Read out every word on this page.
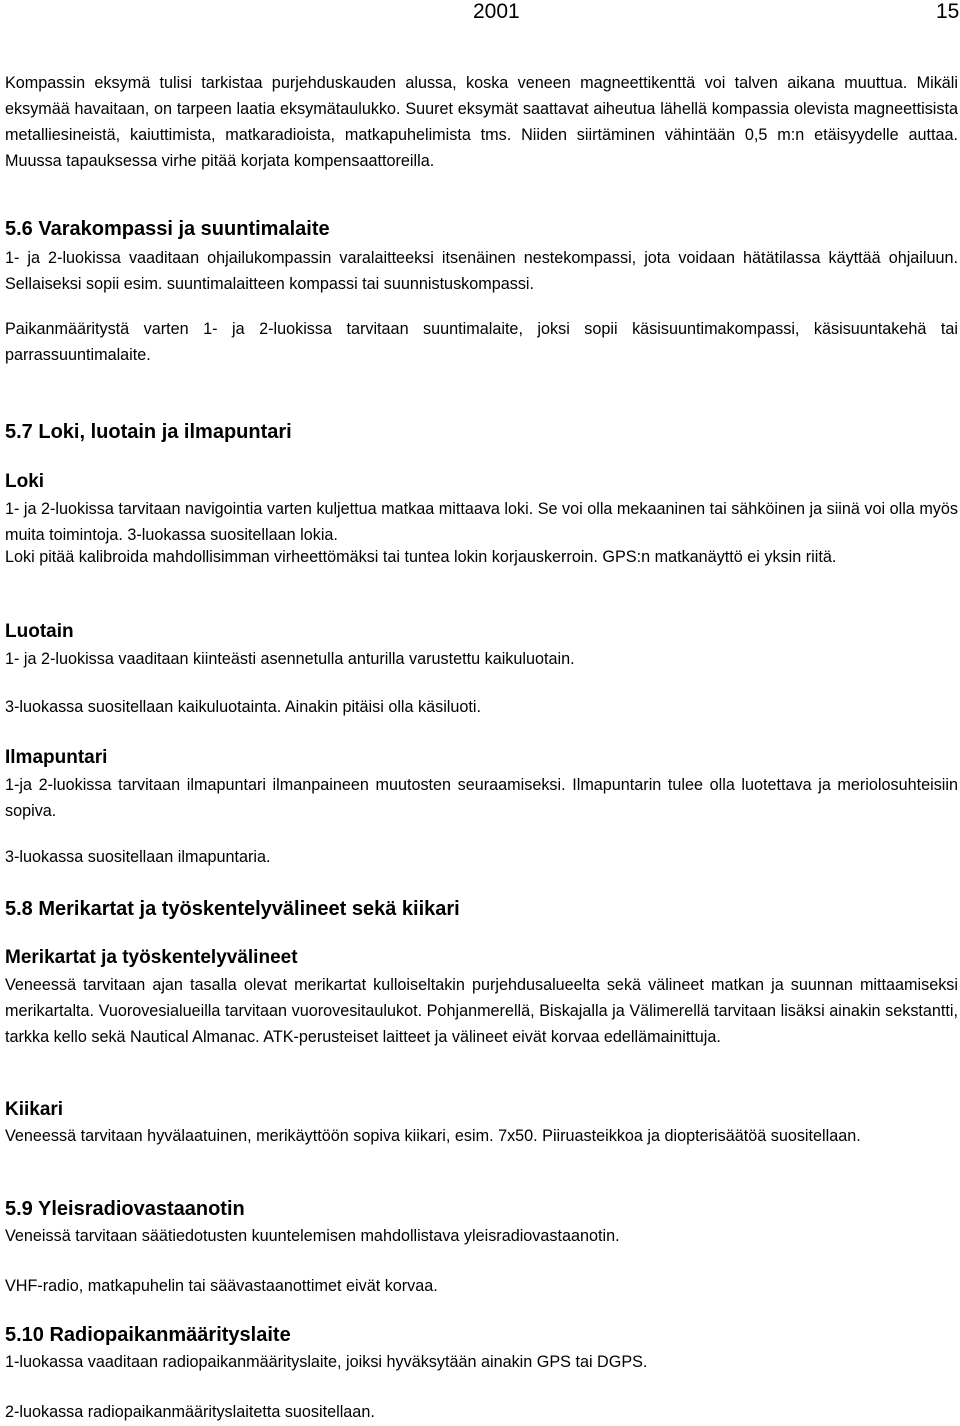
2001	15

Kompassin eksymä tulisi tarkistaa purjehduskauden alussa, koska veneen magneettikenttä voi talven aikana muuttua. Mikäli eksymää havaitaan, on tarpeen laatia eksymätaulukko. Suuret eksymät saattavat aiheutua lähellä kompassia olevista magneettisista metalliesineistä, kaiuttimista, matkaradioista, matkapuhelimista tms. Niiden siirtäminen vähintään 0,5 m:n etäisyydelle auttaa. Muussa tapauksessa virhe pitää korjata kompensaattoreilla.

5.6 Varakompassi ja suuntimalaite

1- ja 2-luokissa vaaditaan ohjailukompassin varalaitteeksi itsenäinen nestekompassi, jota voidaan hätätilassa käyttää ohjailuun. Sellaiseksi sopii esim. suuntimalaitteen kompassi tai suunnistuskompassi.

Paikanmääritystä varten 1- ja 2-luokissa tarvitaan suuntimalaite, joksi sopii käsisuuntimakompassi, käsisuuntakehä tai parrassuuntimalaite.

5.7 Loki, luotain ja ilmapuntari
Loki

1- ja 2-luokissa tarvitaan navigointia varten kuljettua matkaa mittaava loki. Se voi olla mekaaninen tai sähköinen ja siinä voi olla myös muita toimintoja. 3-luokassa suositellaan lokia.

Loki pitää kalibroida mahdollisimman virheettömäksi tai tuntea lokin korjauskerroin. GPS:n matkanäyttö ei yksin riitä.

Luotain

1- ja 2-luokissa vaaditaan kiinteästi asennetulla anturilla varustettu kaikuluotain.

3-luokassa suositellaan kaikuluotainta. Ainakin pitäisi olla käsiluoti.

Ilmapuntari

1-ja 2-luokissa tarvitaan ilmapuntari ilmanpaineen muutosten seuraamiseksi. Ilmapuntarin tulee olla luotettava ja meriolosuhteisiin sopiva.

3-luokassa suositellaan ilmapuntaria.

5.8 Merikartat ja työskentelyvälineet sekä kiikari
Merikartat ja työskentelyvälineet

Veneessä tarvitaan ajan tasalla olevat merikartat kulloiseltakin purjehdusalueelta sekä välineet matkan ja suunnan mittaamiseksi merikartalta. Vuorovesialueilla tarvitaan vuorovesitaulukot. Pohjanmerellä, Biskajalla ja Välimerellä tarvitaan lisäksi ainakin sekstantti, tarkka kello sekä Nautical Almanac. ATK-perusteiset laitteet ja välineet eivät korvaa edellämainittuja.

Kiikari

Veneessä tarvitaan hyvälaatuinen, merikäyttöön sopiva kiikari, esim. 7x50. Piiruasteikkoa ja diopterisäätöä suositellaan.

5.9 Yleisradiovastaanotin

Veneissä tarvitaan säätiedotusten kuuntelemisen mahdollistava yleisradiovastaanotin.

VHF-radio, matkapuhelin tai säävastaanottimet eivät korvaa.

5.10 Radiopaikanmäärityslaite

1-luokassa vaaditaan radiopaikanmäärityslaite, joiksi hyväksytään ainakin GPS tai DGPS.

2-luokassa radiopaikanmäärityslaitetta suositellaan.
